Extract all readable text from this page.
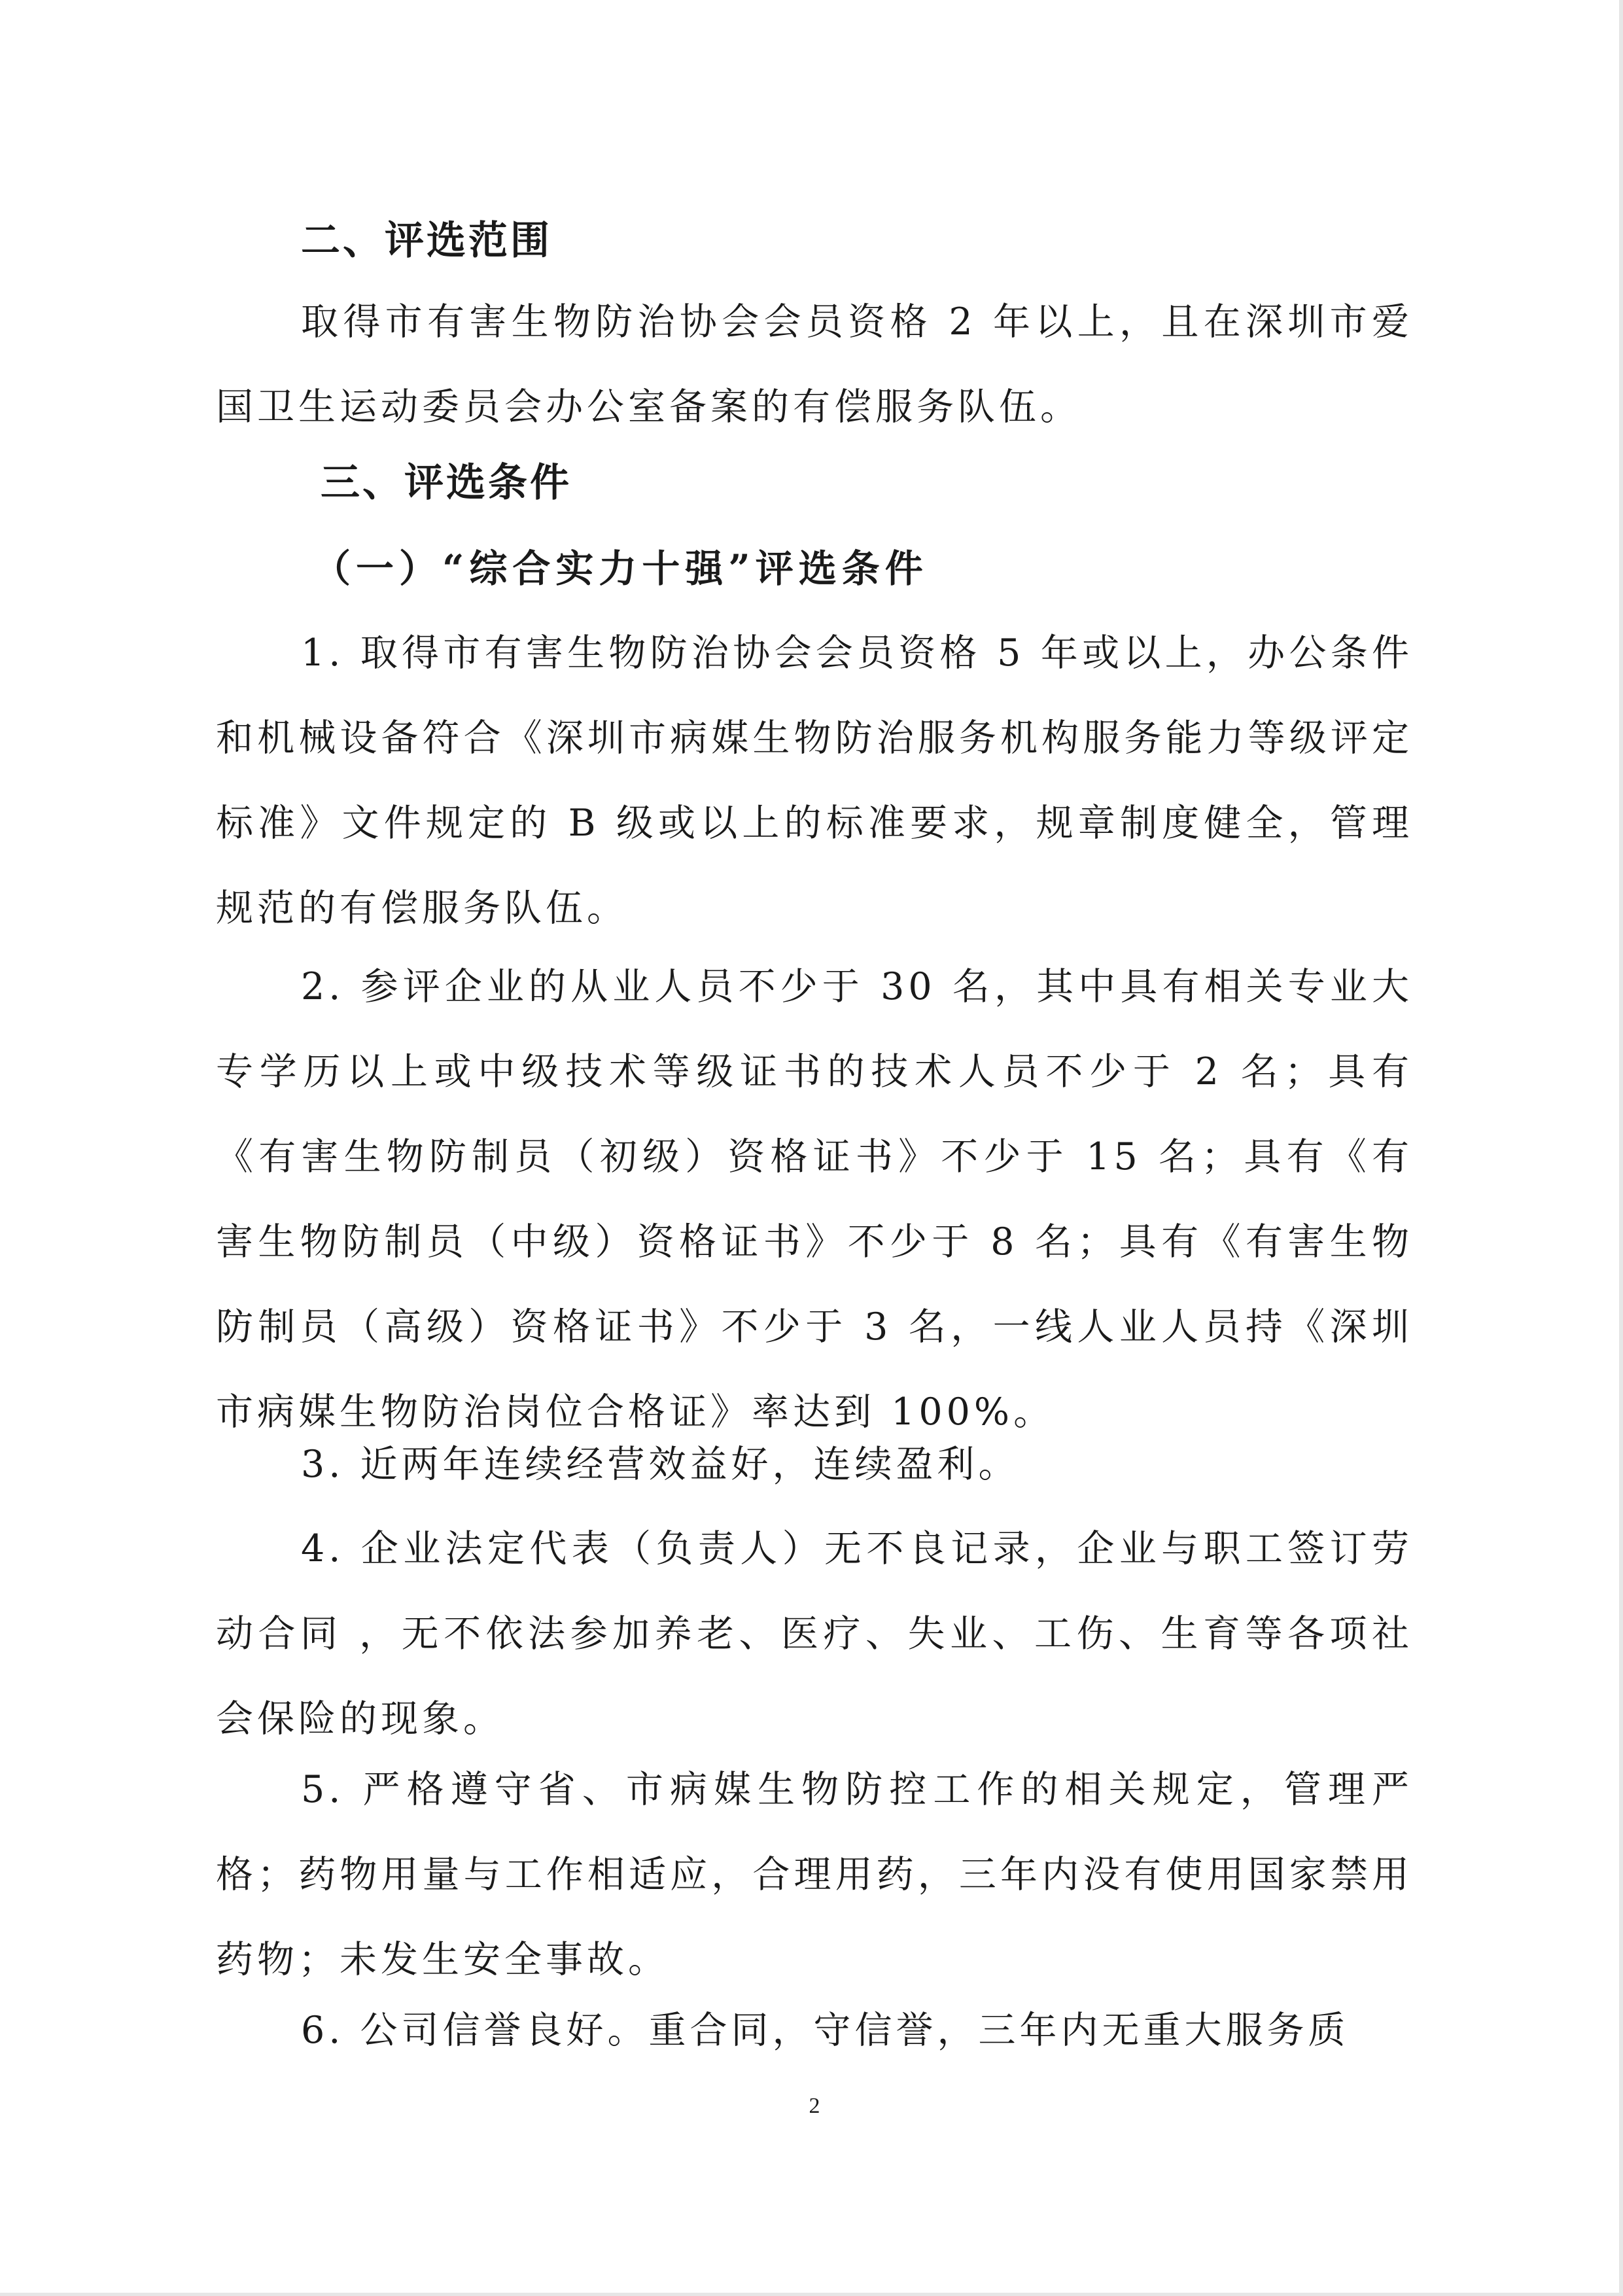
二、评选范围

取得市有害生物防治协会会员资格 2 年以上，且在深圳市爱国卫生运动委员会办公室备案的有偿服务队伍。

三、评选条件
（一）“综合实力十强”评选条件

1. 取得市有害生物防治协会会员资格 5 年或以上，办公条件和机械设备符合《深圳市病媒生物防治服务机构服务能力等级评定标准》文件规定的 B 级或以上的标准要求，规章制度健全，管理规范的有偿服务队伍。

2. 参评企业的从业人员不少于 30 名，其中具有相关专业大专学历以上或中级技术等级证书的技术人员不少于 2 名；具有《有害生物防制员（初级）资格证书》不少于 15 名；具有《有害生物防制员（中级）资格证书》不少于 8 名；具有《有害生物防制员（高级）资格证书》不少于 3 名，一线人业人员持《深圳市病媒生物防治岗位合格证》率达到 100%。

3. 近两年连续经营效益好，连续盈利。

4. 企业法定代表（负责人）无不良记录，企业与职工签订劳动合同 ，无不依法参加养老、医疗、失业、工伤、生育等各项社会保险的现象。

5. 严格遵守省、市病媒生物防控工作的相关规定，管理严格；药物用量与工作相适应，合理用药，三年内没有使用国家禁用药物；未发生安全事故。

6. 公司信誉良好。重合同，守信誉，三年内无重大服务质

2
